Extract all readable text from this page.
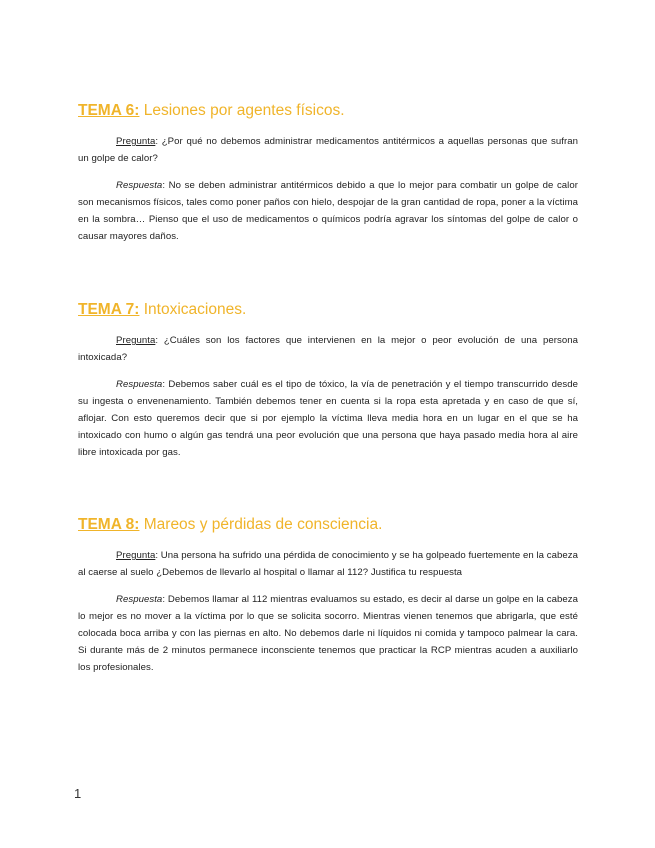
TEMA 6: Lesiones por agentes físicos.

Pregunta: ¿Por qué no debemos administrar medicamentos antitérmicos a aquellas personas que sufran un golpe de calor?

Respuesta: No se deben administrar antitérmicos debido a que lo mejor para combatir un golpe de calor son mecanismos físicos, tales como poner paños con hielo, despojar de la gran cantidad de ropa, poner a la víctima en la sombra… Pienso que el uso de medicamentos o químicos podría agravar los síntomas del golpe de calor o causar mayores daños.

TEMA 7: Intoxicaciones.

Pregunta: ¿Cuáles son los factores que intervienen en la mejor o peor evolución de una persona intoxicada?

Respuesta: Debemos saber cuál es el tipo de tóxico, la vía de penetración y el tiempo transcurrido desde su ingesta o envenenamiento. También debemos tener en cuenta si la ropa esta apretada y en caso de que sí, aflojar. Con esto queremos decir que si por ejemplo la víctima lleva media hora en un lugar en el que se ha intoxicado con humo o algún gas tendrá una peor evolución que una persona que haya pasado media hora al aire libre intoxicada por gas.

TEMA 8: Mareos y pérdidas de consciencia.

Pregunta: Una persona ha sufrido una pérdida de conocimiento y se ha golpeado fuertemente en la cabeza al caerse al suelo ¿Debemos de llevarlo al hospital o llamar al 112? Justifica tu respuesta

Respuesta: Debemos llamar al 112 mientras evaluamos su estado, es decir al darse un golpe en la cabeza lo mejor es no mover a la víctima por lo que se solicita socorro. Mientras vienen tenemos que abrigarla, que esté colocada boca arriba y con las piernas en alto. No debemos darle ni líquidos ni comida y tampoco palmear la cara. Si durante más de 2 minutos permanece inconsciente tenemos que practicar la RCP mientras acuden a auxiliarlo los profesionales.

1
